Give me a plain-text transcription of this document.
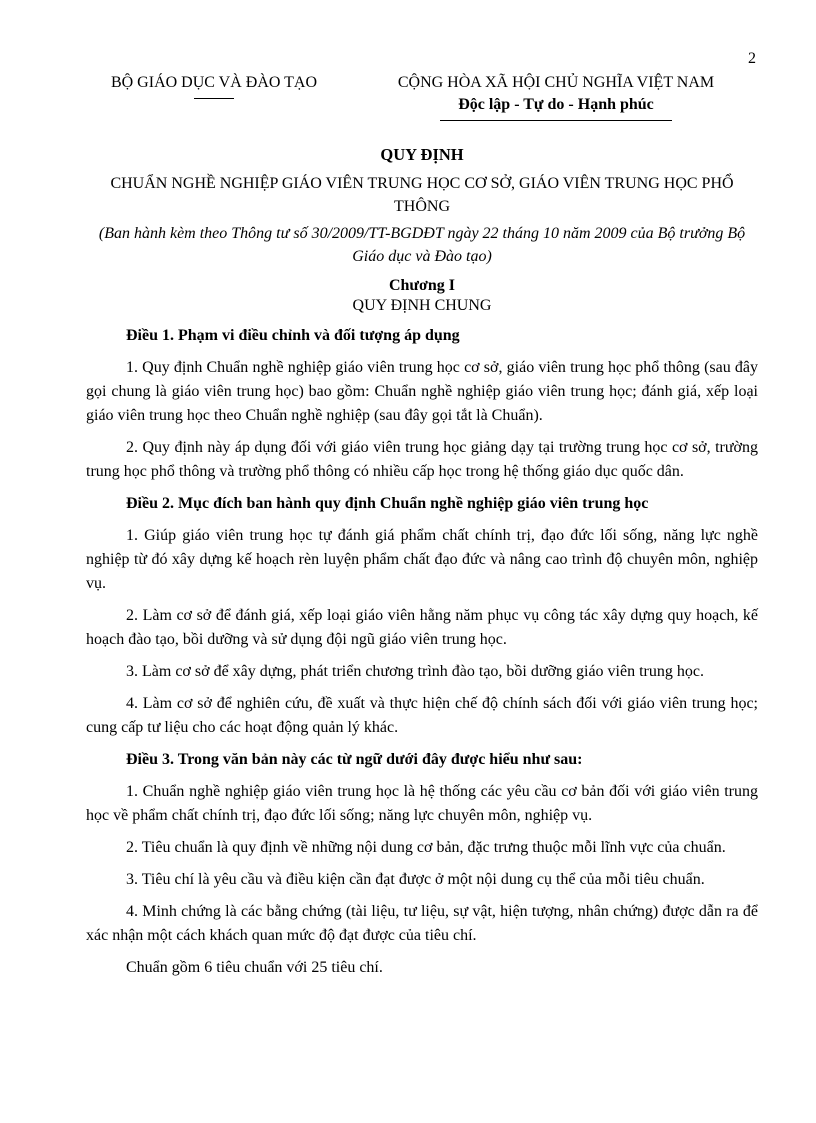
2
BỘ GIÁO DỤC VÀ ĐÀO TẠO	CỘNG HÒA XÃ HỘI CHỦ NGHĨA VIỆT NAM
Độc lập - Tự do - Hạnh phúc

QUY ĐỊNH

CHUẨN NGHỀ NGHIỆP GIÁO VIÊN TRUNG HỌC CƠ SỞ, GIÁO VIÊN TRUNG HỌC PHỔ THÔNG

(Ban hành kèm theo Thông tư số 30/2009/TT-BGDĐT ngày 22 tháng 10 năm 2009 của Bộ trưởng Bộ Giáo dục và Đào tạo)

Chương I

QUY ĐỊNH CHUNG

Điều 1. Phạm vi điều chỉnh và đối tượng áp dụng

1. Quy định Chuẩn nghề nghiệp giáo viên trung học cơ sở, giáo viên trung học phổ thông (sau đây gọi chung là giáo viên trung học) bao gồm: Chuẩn nghề nghiệp giáo viên trung học; đánh giá, xếp loại giáo viên trung học theo Chuẩn nghề nghiệp (sau đây gọi tắt là Chuẩn).

2. Quy định này áp dụng đối với giáo viên trung học giảng dạy tại trường trung học cơ sở, trường trung học phổ thông và trường phổ thông có nhiều cấp học trong hệ thống giáo dục quốc dân.

Điều 2. Mục đích ban hành quy định Chuẩn nghề nghiệp giáo viên trung học

1. Giúp giáo viên trung học tự đánh giá phẩm chất chính trị, đạo đức lối sống, năng lực nghề nghiệp từ đó xây dựng kế hoạch rèn luyện phẩm chất đạo đức và nâng cao trình độ chuyên môn, nghiệp vụ.

2. Làm cơ sở để đánh giá, xếp loại giáo viên hằng năm phục vụ công tác xây dựng quy hoạch, kế hoạch đào tạo, bồi dưỡng và sử dụng đội ngũ giáo viên trung học.

3. Làm cơ sở để xây dựng, phát triển chương trình đào tạo, bồi dưỡng giáo viên trung học.

4. Làm cơ sở để nghiên cứu, đề xuất và thực hiện chế độ chính sách đối với giáo viên trung học; cung cấp tư liệu cho các hoạt động quản lý khác.

Điều 3. Trong văn bản này các từ ngữ dưới đây được hiểu như sau:

1. Chuẩn nghề nghiệp giáo viên trung học là hệ thống các yêu cầu cơ bản đối với giáo viên trung học về phẩm chất chính trị, đạo đức lối sống; năng lực chuyên môn, nghiệp vụ.

2. Tiêu chuẩn là quy định về những nội dung cơ bản, đặc trưng thuộc mỗi lĩnh vực của chuẩn.

3. Tiêu chí là yêu cầu và điều kiện cần đạt được ở một nội dung cụ thể của mỗi tiêu chuẩn.

4. Minh chứng là các bằng chứng (tài liệu, tư liệu, sự vật, hiện tượng, nhân chứng) được dẫn ra để xác nhận một cách khách quan mức độ đạt được của tiêu chí.

Chuẩn gồm 6 tiêu chuẩn với 25 tiêu chí.
